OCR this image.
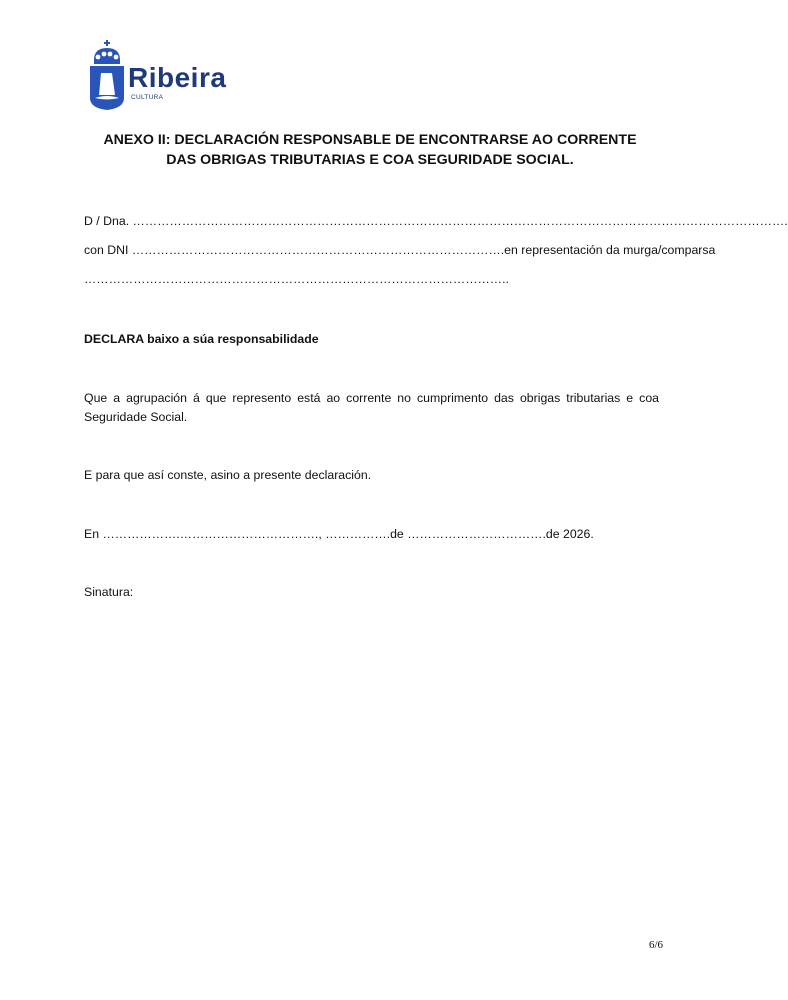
Ribeira
CULTURA
ANEXO II: DECLARACIÓN RESPONSABLE DE ENCONTRARSE AO CORRENTE DAS OBRIGAS TRIBUTARIAS E COA SEGURIDADE SOCIAL.
D / Dna. …………………………………………………………………………………………………………………………………………….
con DNI ……………………………………………………………………………….en representación da murga/comparsa
…………………………………………………………………………………………..
DECLARA baixo a súa responsabilidade
Que a agrupación á que represento está ao corrente no cumprimento das obrigas tributarias e coa Seguridade Social.
E para que así conste, asino a presente declaración.
En ……………….……………………………., …………….de …………………………….de 2026.
Sinatura:
6/6
